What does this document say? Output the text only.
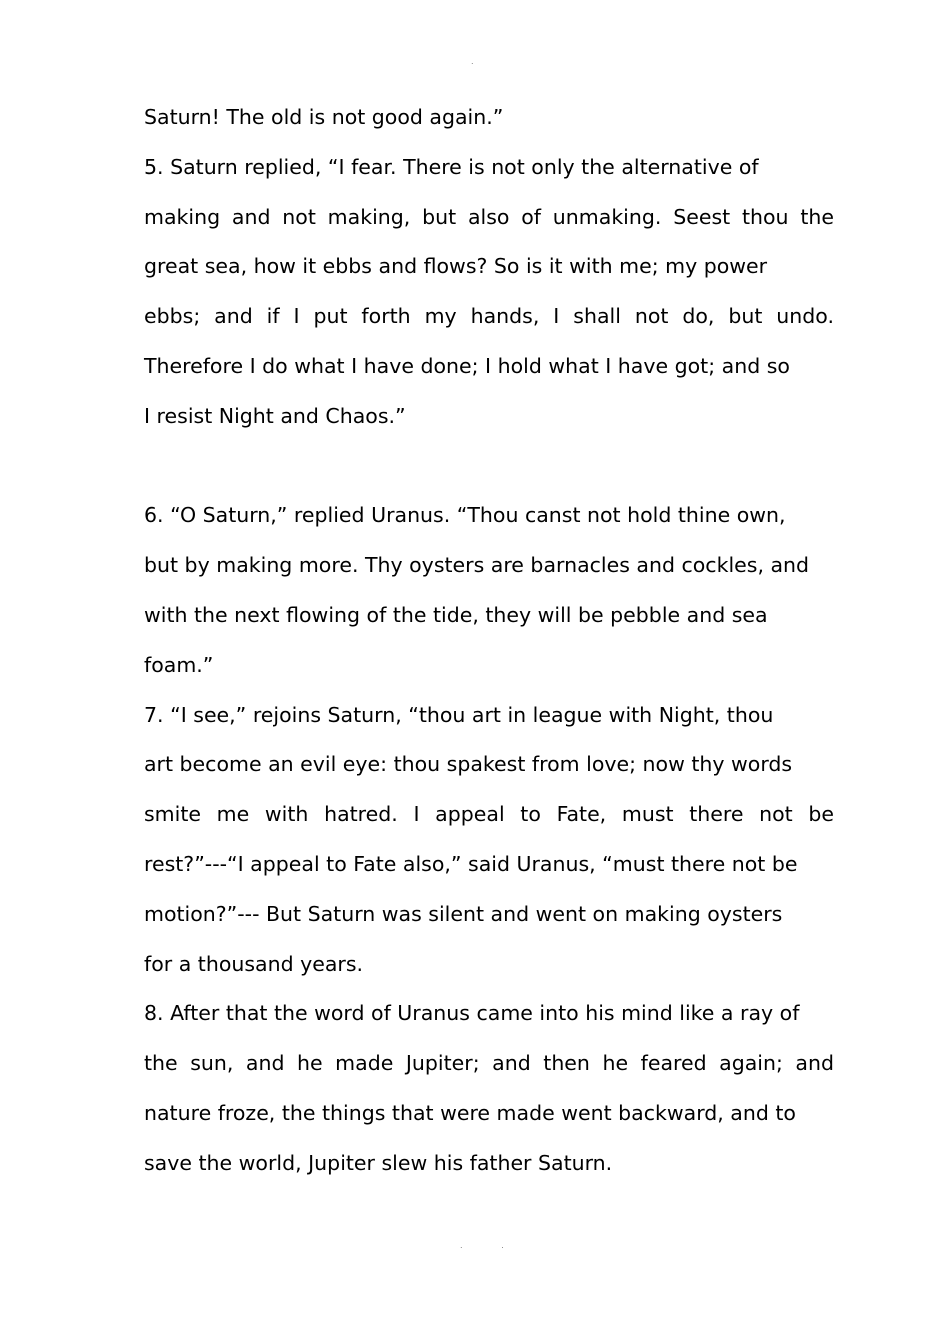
.
Saturn! The old is not good again.”
5. Saturn replied, “I fear. There is not only the alternative of
making and not making, but also of unmaking. Seest thou the
great sea, how it ebbs and flows? So is it with me; my power
ebbs; and if I put forth my hands, I shall not do, but undo.
Therefore I do what I have done; I hold what I have got; and so
I resist Night and Chaos.”
6. “O Saturn,” replied Uranus. “Thou canst not hold thine own,
but by making more. Thy oysters are barnacles and cockles, and
with the next flowing of the tide, they will be pebble and sea
foam.”
7. “I see,” rejoins Saturn, “thou art in league with Night, thou
art become an evil eye: thou spakest from love; now thy words
smite me with hatred. I appeal to Fate, must there not be
rest?”---“I appeal to Fate also,” said Uranus, “must there not be
motion?”--- But Saturn was silent and went on making oysters
for a thousand years.
8. After that the word of Uranus came into his mind like a ray of
the sun, and he made Jupiter; and then he feared again; and
nature froze, the things that were made went backward, and to
save the world, Jupiter slew his father Saturn.
. .
